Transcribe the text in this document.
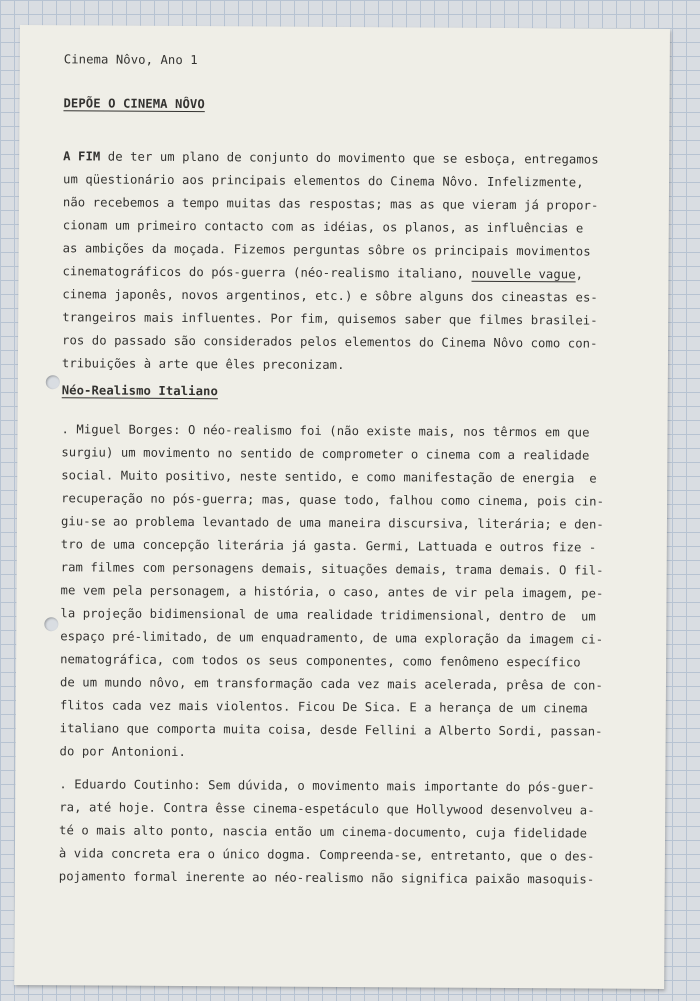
Cinema Nôvo, Ano 1

DEPÕE O CINEMA NÔVO

A FIM de ter um plano de conjunto do movimento que se esboça, entregamos

um qüestionário aos principais elementos do Cinema Nôvo. Infelizmente,

não recebemos a tempo muitas das respostas; mas as que vieram já propor-

cionam um primeiro contacto com as idéias, os planos, as influências e

as ambições da moçada. Fizemos perguntas sôbre os principais movimentos

cinematográficos do pós-guerra (néo-realismo italiano, nouvelle vague,

cinema japonês, novos argentinos, etc.) e sôbre alguns dos cineastas es-

trangeiros mais influentes. Por fim, quisemos saber que filmes brasilei-

ros do passado são considerados pelos elementos do Cinema Nôvo como con-

tribuições à arte que êles preconizam.

Néo-Realismo Italiano

. Miguel Borges: O néo-realismo foi (não existe mais, nos têrmos em que

surgiu) um movimento no sentido de comprometer o cinema com a realidade

social. Muito positivo, neste sentido, e como manifestação de energia  e

recuperação no pós-guerra; mas, quase todo, falhou como cinema, pois cin-

giu-se ao problema levantado de uma maneira discursiva, literária; e den-

tro de uma concepção literária já gasta. Germi, Lattuada e outros fize -

ram filmes com personagens demais, situações demais, trama demais. O fil-

me vem pela personagem, a história, o caso, antes de vir pela imagem, pe-

la projeção bidimensional de uma realidade tridimensional, dentro de  um

espaço pré-limitado, de um enquadramento, de uma exploração da imagem ci-

nematográfica, com todos os seus componentes, como fenômeno específico

de um mundo nôvo, em transformação cada vez mais acelerada, prêsa de con-

flitos cada vez mais violentos. Ficou De Sica. E a herança de um cinema

italiano que comporta muita coisa, desde Fellini a Alberto Sordi, passan-

do por Antonioni.

. Eduardo Coutinho: Sem dúvida, o movimento mais importante do pós-guer-

ra, até hoje. Contra êsse cinema-espetáculo que Hollywood desenvolveu a-

té o mais alto ponto, nascia então um cinema-documento, cuja fidelidade

à vida concreta era o único dogma. Compreenda-se, entretanto, que o des-

pojamento formal inerente ao néo-realismo não significa paixão masoquis-
